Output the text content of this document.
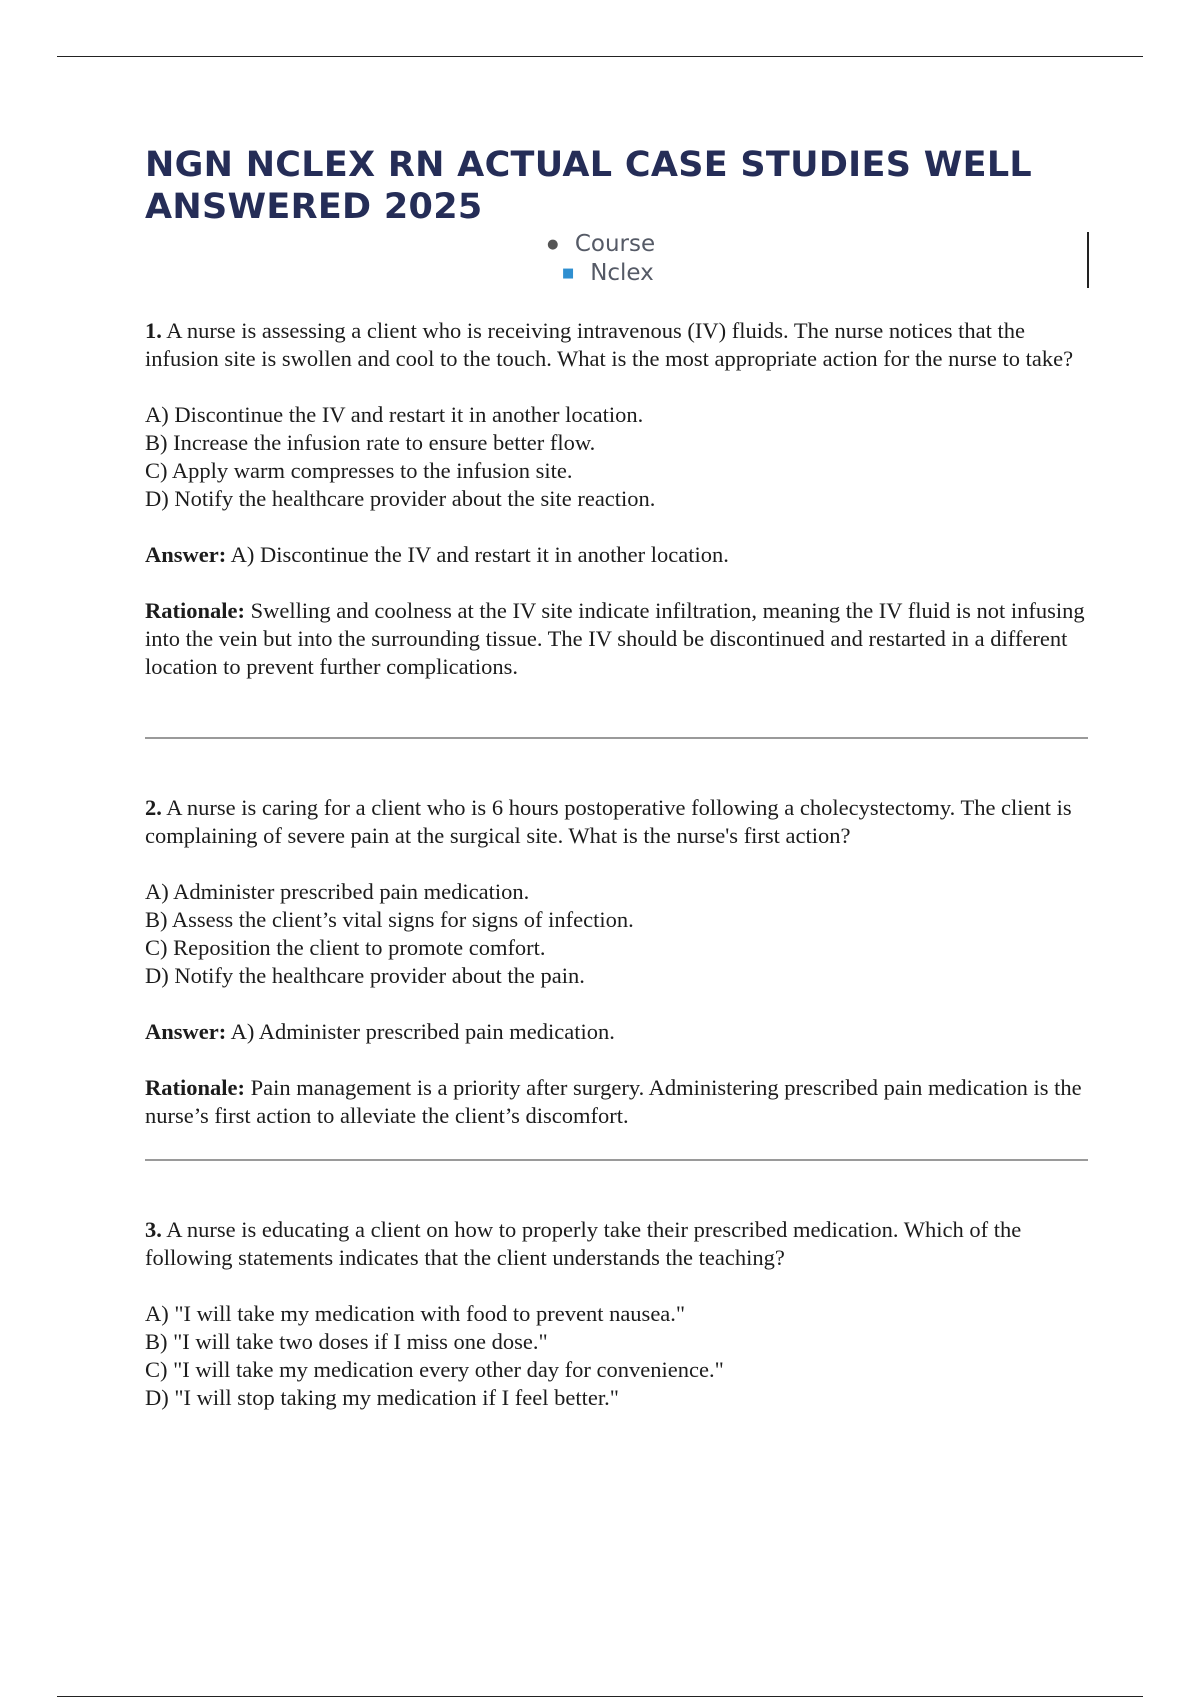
NGN NCLEX RN ACTUAL CASE STUDIES WELL ANSWERED 2025
● Course
■ Nclex

1. A nurse is assessing a client who is receiving intravenous (IV) fluids. The nurse notices that the infusion site is swollen and cool to the touch. What is the most appropriate action for the nurse to take?

A) Discontinue the IV and restart it in another location.
B) Increase the infusion rate to ensure better flow.
C) Apply warm compresses to the infusion site.
D) Notify the healthcare provider about the site reaction.

Answer: A) Discontinue the IV and restart it in another location.

Rationale: Swelling and coolness at the IV site indicate infiltration, meaning the IV fluid is not infusing into the vein but into the surrounding tissue. The IV should be discontinued and restarted in a different location to prevent further complications.

2. A nurse is caring for a client who is 6 hours postoperative following a cholecystectomy. The client is complaining of severe pain at the surgical site. What is the nurse's first action?

A) Administer prescribed pain medication.
B) Assess the client’s vital signs for signs of infection.
C) Reposition the client to promote comfort.
D) Notify the healthcare provider about the pain.

Answer: A) Administer prescribed pain medication.

Rationale: Pain management is a priority after surgery. Administering prescribed pain medication is the nurse’s first action to alleviate the client’s discomfort.

3. A nurse is educating a client on how to properly take their prescribed medication. Which of the following statements indicates that the client understands the teaching?

A) "I will take my medication with food to prevent nausea."
B) "I will take two doses if I miss one dose."
C) "I will take my medication every other day for convenience."
D) "I will stop taking my medication if I feel better."
